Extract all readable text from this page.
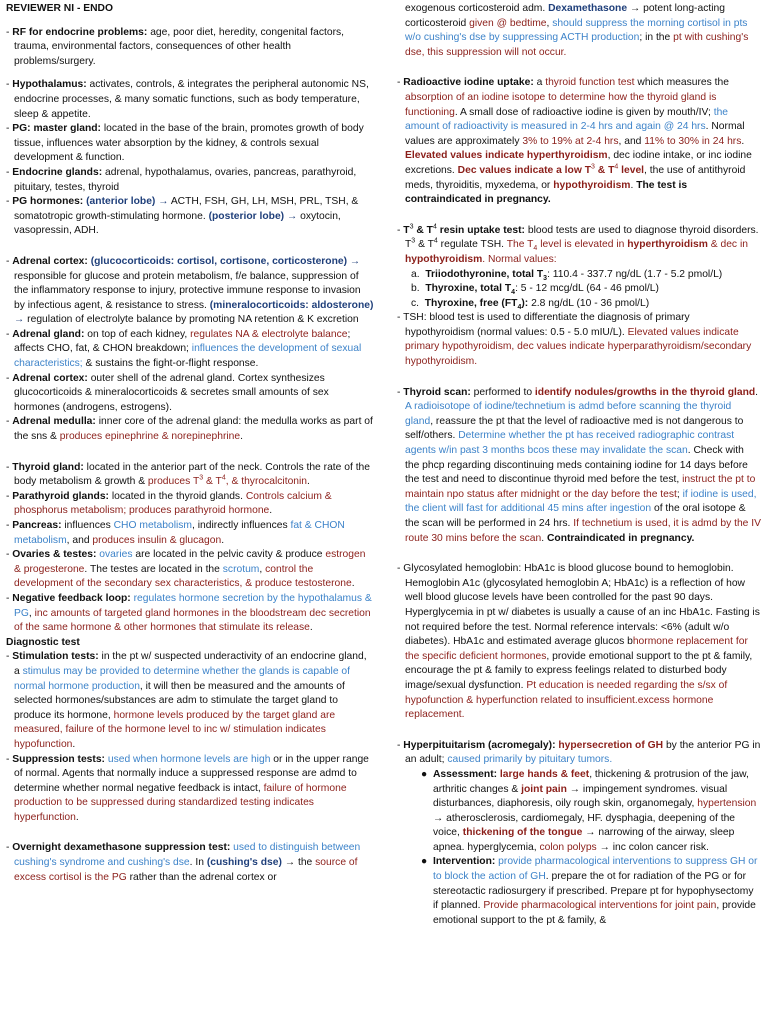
REVIEWER NI - ENDO

- RF for endocrine problems: age, poor diet, heredity, congenital factors, trauma, environmental factors, consequences of other health problems/surgery.

- Hypothalamus: activates, controls, & integrates the peripheral autonomic NS, endocrine processes, & many somatic functions, such as body temperature, sleep & appetite.

- PG: master gland: located in the base of the brain, promotes growth of body tissue, influences water absorption by the kidney, & controls sexual development & function.

- Endocrine glands: adrenal, hypothalamus, ovaries, pancreas, parathyroid, pituitary, testes, thyroid

- PG hormones: (anterior lobe) → ACTH, FSH, GH, LH, MSH, PRL, TSH, & somatotropic growth-stimulating hormone. (posterior lobe) → oxytocin, vasopressin, ADH.

- Adrenal cortex: (glucocorticoids: cortisol, cortisone, corticosterone) → responsible for glucose and protein metabolism, f/e balance, suppression of the inflammatory response to injury, protective immune response to invasion by infectious agent, & resistance to stress. (mineralocorticoids: aldosterone) → regulation of electrolyte balance by promoting NA retention & K excretion

- Adrenal gland: on top of each kidney, regulates NA & electrolyte balance; affects CHO, fat, & CHON breakdown; influences the development of sexual characteristics; & sustains the fight-or-flight response.

- Adrenal cortex: outer shell of the adrenal gland. Cortex synthesizes glucocorticoids & mineralocorticoids & secretes small amounts of sex hormones (androgens, estrogens).

- Adrenal medulla: inner core of the adrenal gland: the medulla works as part of the sns & produces epinephrine & norepinephrine.

- Thyroid gland: located in the anterior part of the neck. Controls the rate of the body metabolism & growth & produces $T^3$ & $T^4$, & thyrocalcitonin.

- Parathyroid glands: located in the thyroid glands. Controls calcium & phosphorus metabolism; produces parathyroid hormone.

- Pancreas: influences CHO metabolism, indirectly influences fat & CHON metabolism, and produces insulin & glucagon.

- Ovaries & testes: ovaries are located in the pelvic cavity & produce estrogen & progesterone. The testes are located in the scrotum, control the development of the secondary sex characteristics, & produce testosterone.

- Negative feedback loop: regulates hormone secretion by the hypothalamus & PG, inc amounts of targeted gland hormones in the bloodstream dec secretion of the same hormone & other hormones that stimulate its release.

Diagnostic test

- Stimulation tests: in the pt w/ suspected underactivity of an endocrine gland, a stimulus may be provided to determine whether the glands is capable of normal hormone production, it will then be measured and the amounts of selected hormones/substances are adm to stimulate the target gland to produce its hormone, hormone levels produced by the target gland are measured, failure of the hormone level to inc w/ stimulation indicates hypofunction.

- Suppression tests: used when hormone levels are high or in the upper range of normal. Agents that normally induce a suppressed response are admd to determine whether normal negative feedback is intact, failure of hormone production to be suppressed during standardized testing indicates hyperfunction.

- Overnight dexamethasone suppression test: used to distinguish between cushing's syndrome and cushing's dse. In (cushing's dse) → the source of excess cortisol is the PG rather than the adrenal cortex or

exogenous corticosteroid adm. Dexamethasone → potent long-acting corticosteroid given @ bedtime, should suppress the morning cortisol in pts w/o cushing's dse by suppressing ACTH production; in the pt with cushing's dse, this suppression will not occur.

- Radioactive iodine uptake: a thyroid function test which measures the absorption of an iodine isotope to determine how the thyroid gland is functioning. A small dose of radioactive iodine is given by mouth/IV; the amount of radioactivity is measured in 2-4 hrs and again @ 24 hrs. Normal values are approximately 3% to 19% at 2-4 hrs, and 11% to 30% in 24 hrs. Elevated values indicate hyperthyroidism, dec iodine intake, or inc iodine excretions. Dec values indicate a low $T^3$ & $T^4$ level, the use of antithyroid meds, thyroiditis, myxedema, or hypothyroidism. The test is contraindicated in pregnancy.

- $T^3$ & $T^4$ resin uptake test: blood tests are used to diagnose thyroid disorders. $T^3$ & $T^4$ regulate TSH. The $T_4$ level is elevated in hyperthyroidism & dec in hypothyroidism. Normal values:

a. Triiodothyronine, total $T_3$: 110.4 - 337.7 ng/dL (1.7 - 5.2 pmol/L)

b. Thyroxine, total $T_4$: 5 - 12 mcg/dL (64 - 46 pmol/L)

c. Thyroxine, free $(FT_4)$: 2.8 ng/dL (10 - 36 pmol/L)

- TSH: blood test is used to differentiate the diagnosis of primary hypothyroidism (normal values: 0.5 - 5.0 mIU/L). Elevated values indicate primary hypothyroidism, dec values indicate hyperparathyroidism/secondary hypothyroidism.

- Thyroid scan: performed to identify nodules/growths in the thyroid gland. A radioisotope of iodine/technetium is admd before scanning the thyroid gland, reassure the pt that the level of radioactive med is not dangerous to self/others. Determine whether the pt has received radiographic contrast agents w/in past 3 months bcos these may invalidate the scan. Check with the phcp regarding discontinuing meds containing iodine for 14 days before the test and need to discontinue thyroid med before the test, instruct the pt to maintain npo status after midnight or the day before the test; if iodine is used, the client will fast for additional 45 mins after ingestion of the oral isotope & the scan will be performed in 24 hrs. If technetium is used, it is admd by the IV route 30 mins before the scan. Contraindicated in pregnancy.

- Glycosylated hemoglobin: HbA1c is blood glucose bound to hemoglobin. Hemoglobin A1c (glycosylated hemoglobin A; HbA1c) is a reflection of how well blood glucose levels have been controlled for the past 90 days. Hyperglycemia in pt w/ diabetes is usually a cause of an inc HbA1c. Fasting is not required before the test. Normal reference intervals: <6% (adult w/o diabetes). HbA1c and estimated average glucos bhormone replacement for the specific deficient hormones, provide emotional support to the pt & family, encourage the pt & family to express feelings related to disturbed body image/sexual dysfunction. Pt education is needed regarding the s/sx of hypofunction & hyperfunction related to insufficient.excess hormone replacement.

- Hyperpituitarism (acromegaly): hypersecretion of GH by the anterior PG in an adult; caused primarily by pituitary tumors.

●  Assessment: large hands & feet, thickening & protrusion of the jaw, arthritic changes & joint pain → impingement syndromes. visual disturbances, diaphoresis, oily rough skin, organomegaly, hypertension → atherosclerosis, cardiomegaly, HF. dysphagia, deepening of the voice, thickening of the tongue → narrowing of the airway, sleep apnea. hyperglycemia, colon polyps → inc colon cancer risk.

●  Intervention: provide pharmacological interventions to suppress GH or to block the action of GH. prepare the ot for radiation of the PG or for stereotactic radiosurgery if prescribed. Prepare pt for hypophysectomy if planned. Provide pharmacological interventions for joint pain, provide emotional support to the pt & family, &
